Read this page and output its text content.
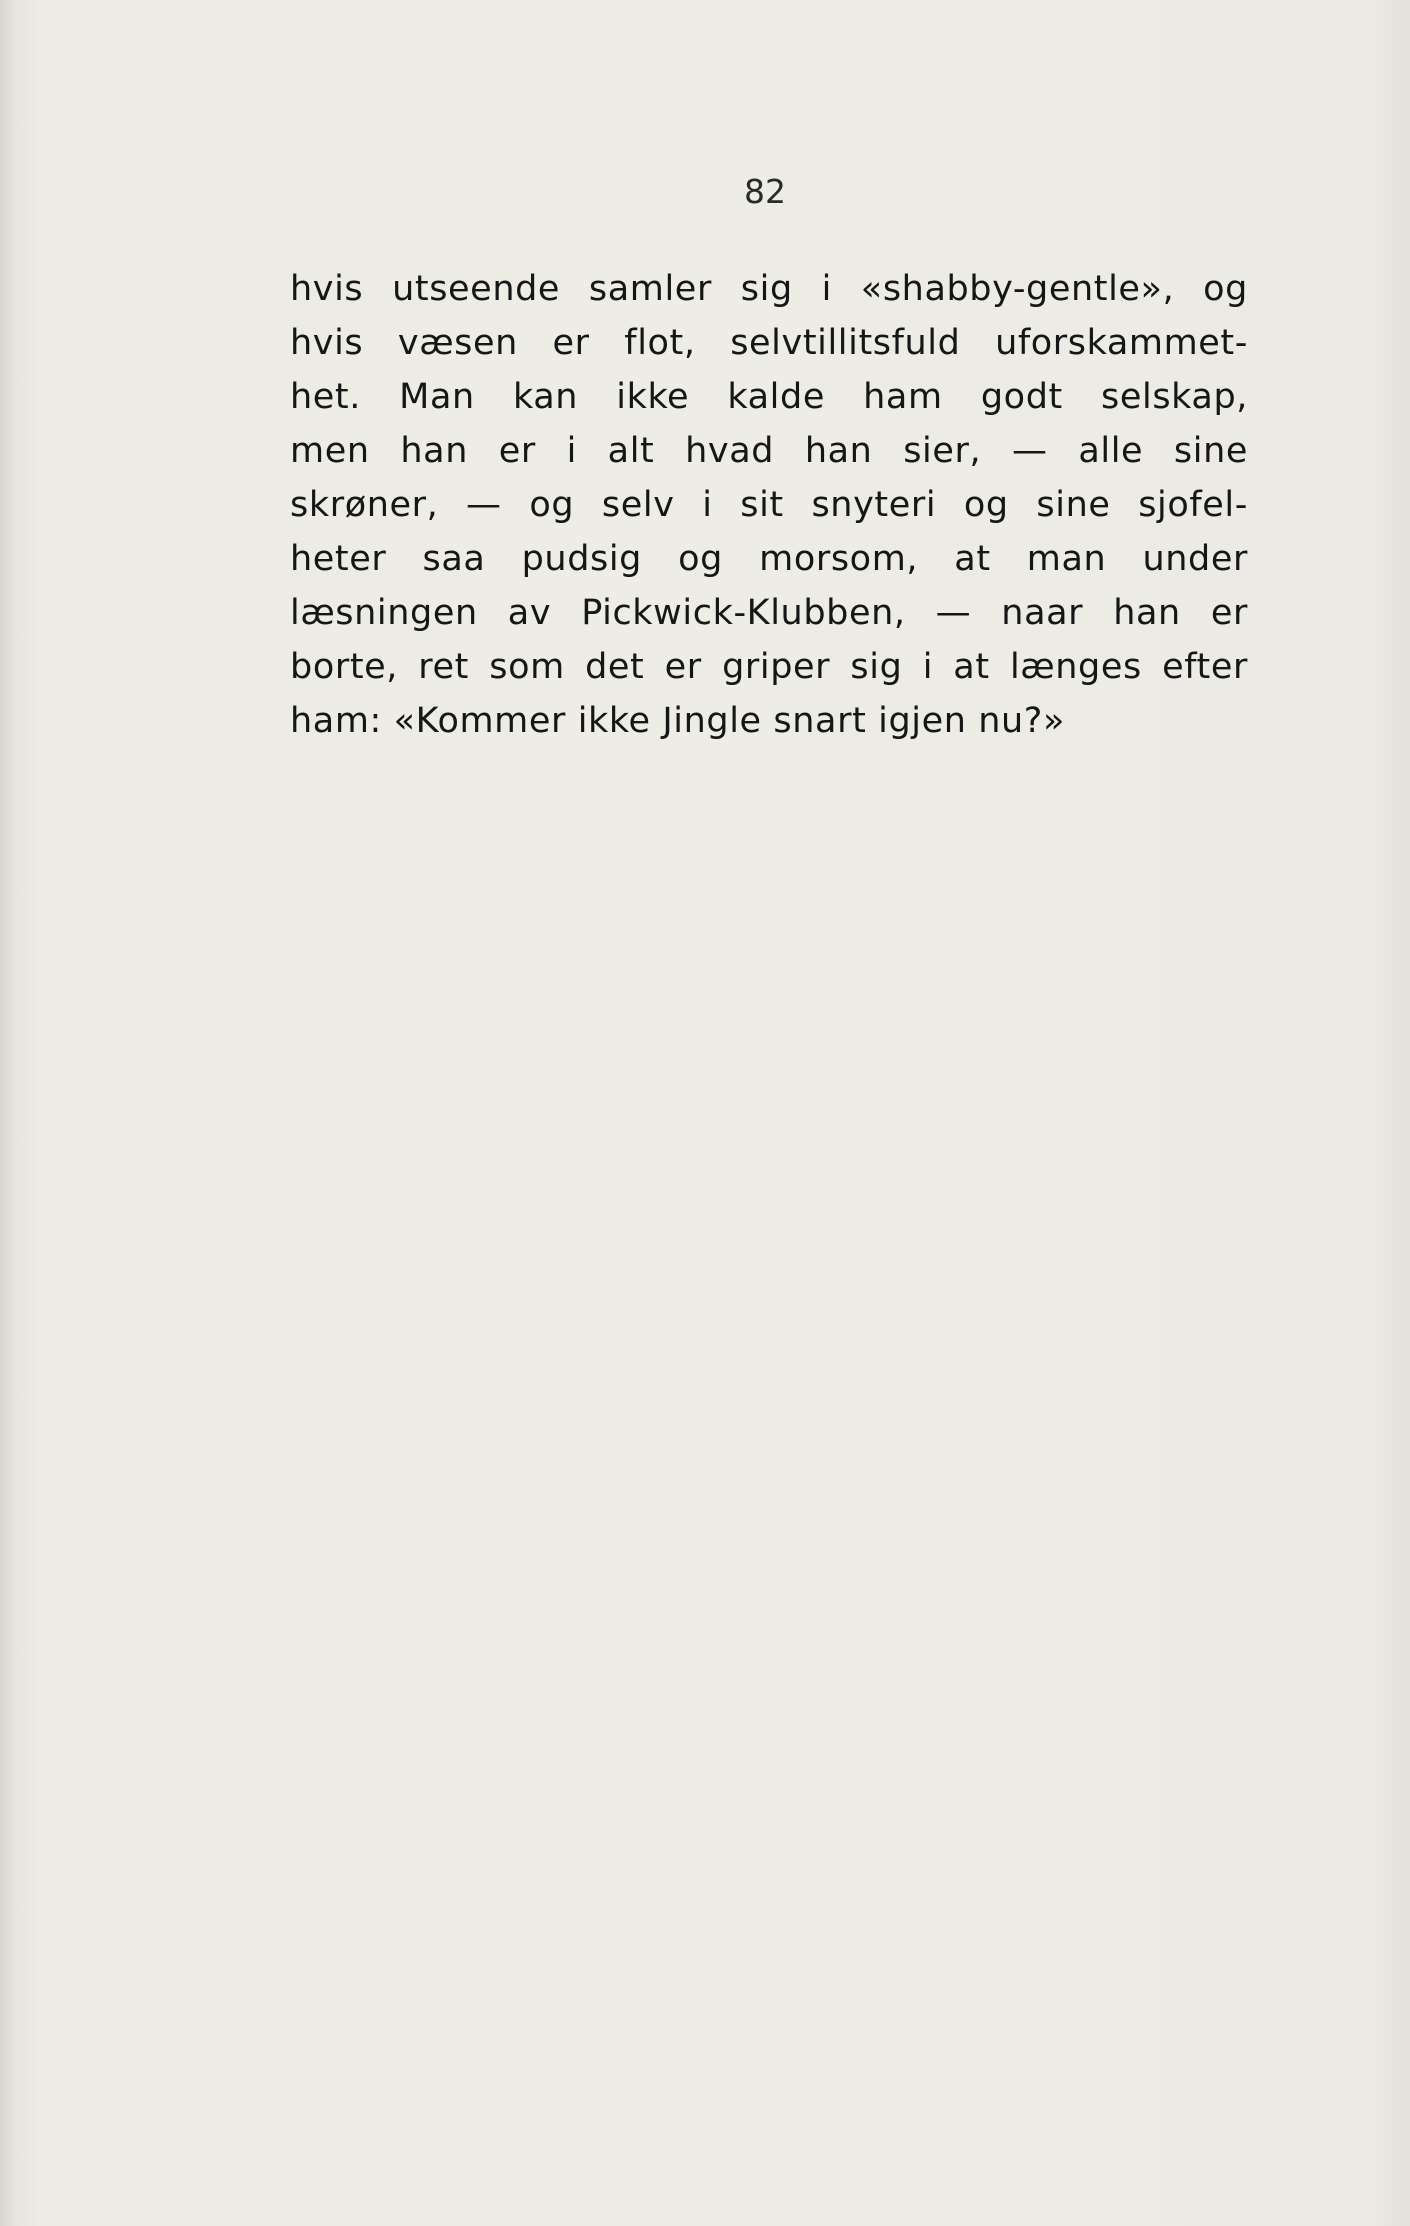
82
hvis utseende samler sig i «shabby-gentle», og
hvis væsen er flot, selvtillitsfuld uforskammet-
het. Man kan ikke kalde ham godt selskap,
men han er i alt hvad han sier, — alle sine
skrøner, — og selv i sit snyteri og sine sjofel-
heter saa pudsig og morsom, at man under
læsningen av Pickwick-Klubben, — naar han er
borte, ret som det er griper sig i at længes efter
ham: «Kommer ikke Jingle snart igjen nu?»
